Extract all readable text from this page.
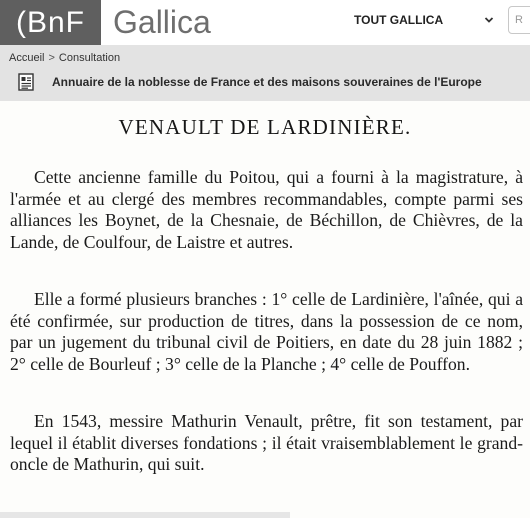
(BnF Gallica	TOUT GALLICA	R
Accueil > Consultation
Annuaire de la noblesse de France et des maisons souveraines de l'Europe
VENAULT DE LARDINIÈRE.

Cette ancienne famille du Poitou, qui a fourni à la magistrature, à l'armée et au clergé des membres recommandables, compte parmi ses alliances les Boynet, de la Chesnaie, de Béchillon, de Chièvres, de la Lande, de Coulfour, de Laistre et autres.

Elle a formé plusieurs branches : 1° celle de Lardinière, l'aînée, qui a été confirmée, sur production de titres, dans la possession de ce nom, par un jugement du tribunal civil de Poitiers, en date du 28 juin 1882 ; 2° celle de Bourleuf ; 3° celle de la Planche ; 4° celle de Pouffon.

En 1543, messire Mathurin Venault, prêtre, fit son testament, par lequel il établit diverses fondations ; il était vraisemblablement le grand-oncle de Mathurin, qui suit.
